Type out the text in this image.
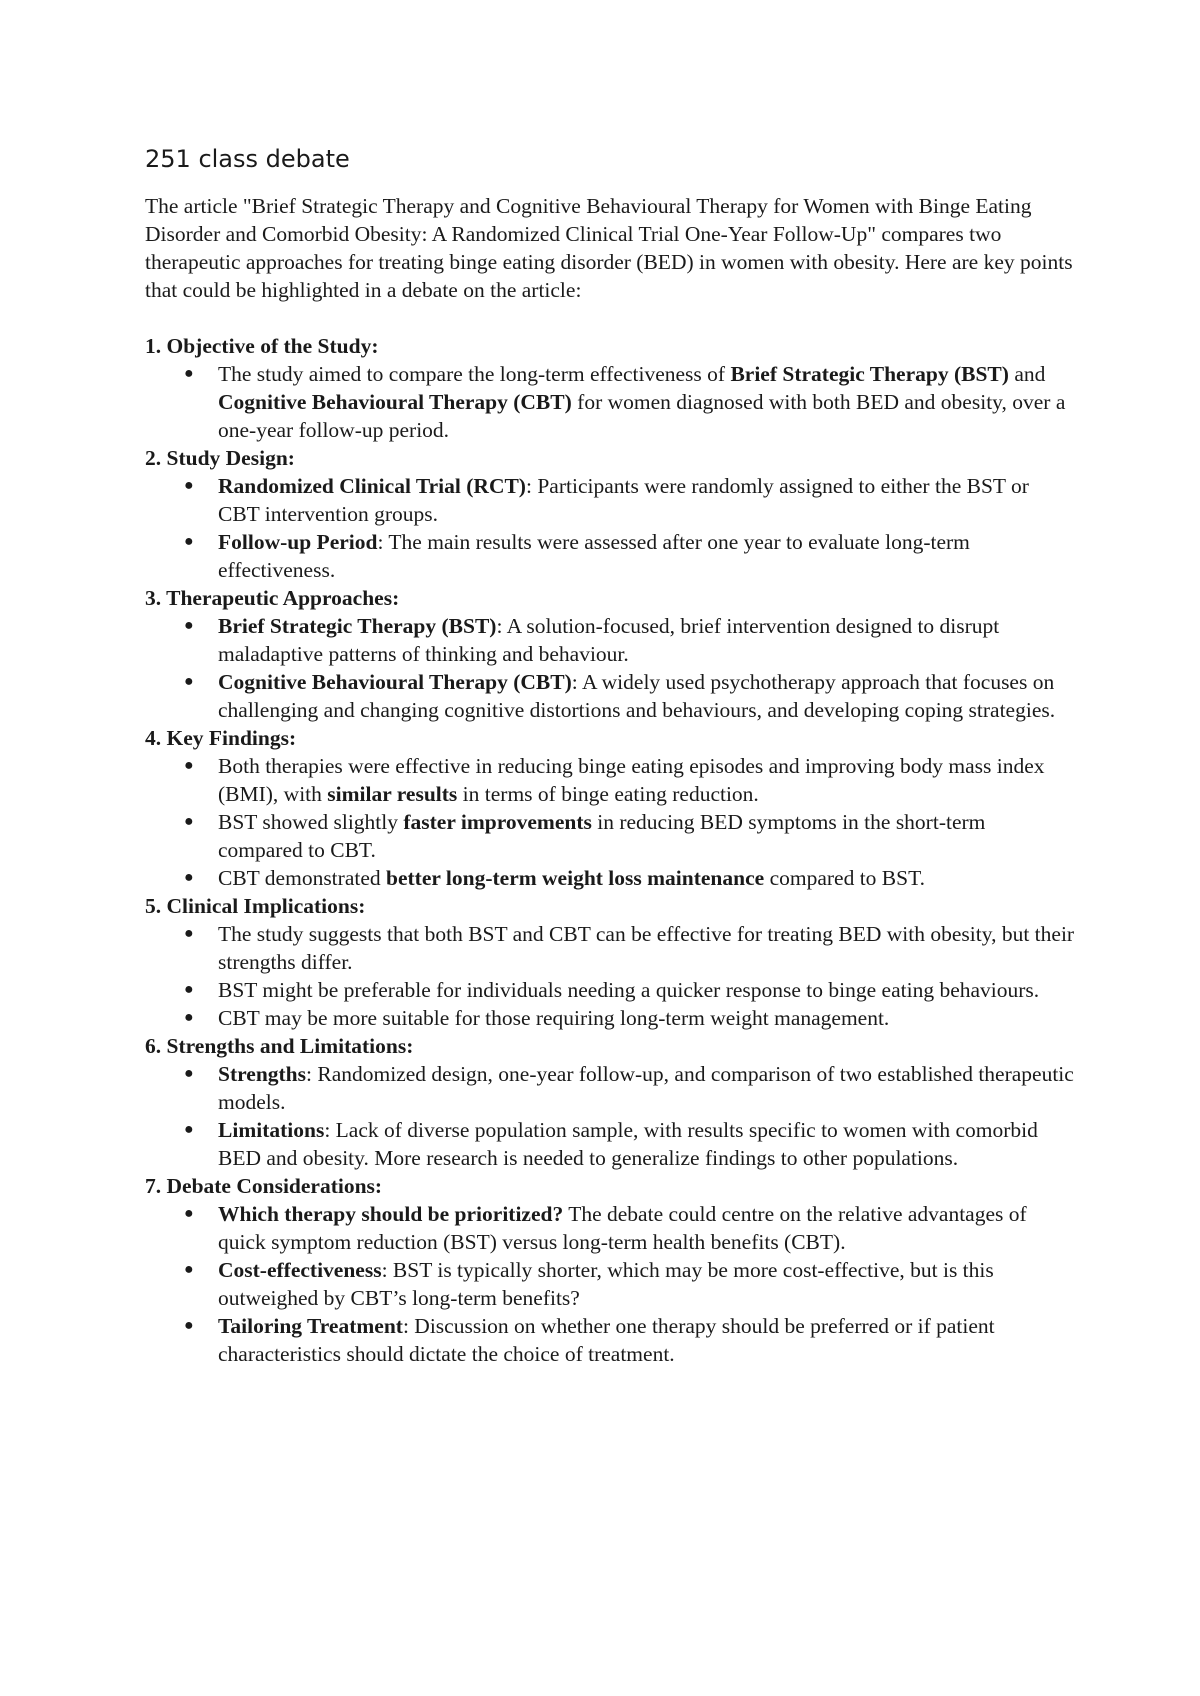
251 class debate

The article "Brief Strategic Therapy and Cognitive Behavioural Therapy for Women with Binge Eating Disorder and Comorbid Obesity: A Randomized Clinical Trial One-Year Follow-Up" compares two therapeutic approaches for treating binge eating disorder (BED) in women with obesity. Here are key points that could be highlighted in a debate on the article:

1. Objective of the Study:
● The study aimed to compare the long-term effectiveness of Brief Strategic Therapy (BST) and Cognitive Behavioural Therapy (CBT) for women diagnosed with both BED and obesity, over a one-year follow-up period.
2. Study Design:
● Randomized Clinical Trial (RCT): Participants were randomly assigned to either the BST or CBT intervention groups.
● Follow-up Period: The main results were assessed after one year to evaluate long-term effectiveness.
3. Therapeutic Approaches:
● Brief Strategic Therapy (BST): A solution-focused, brief intervention designed to disrupt maladaptive patterns of thinking and behaviour.
● Cognitive Behavioural Therapy (CBT): A widely used psychotherapy approach that focuses on challenging and changing cognitive distortions and behaviours, and developing coping strategies.
4. Key Findings:
● Both therapies were effective in reducing binge eating episodes and improving body mass index (BMI), with similar results in terms of binge eating reduction.
● BST showed slightly faster improvements in reducing BED symptoms in the short-term compared to CBT.
● CBT demonstrated better long-term weight loss maintenance compared to BST.
5. Clinical Implications:
● The study suggests that both BST and CBT can be effective for treating BED with obesity, but their strengths differ.
● BST might be preferable for individuals needing a quicker response to binge eating behaviours.
● CBT may be more suitable for those requiring long-term weight management.
6. Strengths and Limitations:
● Strengths: Randomized design, one-year follow-up, and comparison of two established therapeutic models.
● Limitations: Lack of diverse population sample, with results specific to women with comorbid BED and obesity. More research is needed to generalize findings to other populations.
7. Debate Considerations:
● Which therapy should be prioritized? The debate could centre on the relative advantages of quick symptom reduction (BST) versus long-term health benefits (CBT).
● Cost-effectiveness: BST is typically shorter, which may be more cost-effective, but is this outweighed by CBT’s long-term benefits?
● Tailoring Treatment: Discussion on whether one therapy should be preferred or if patient characteristics should dictate the choice of treatment.
